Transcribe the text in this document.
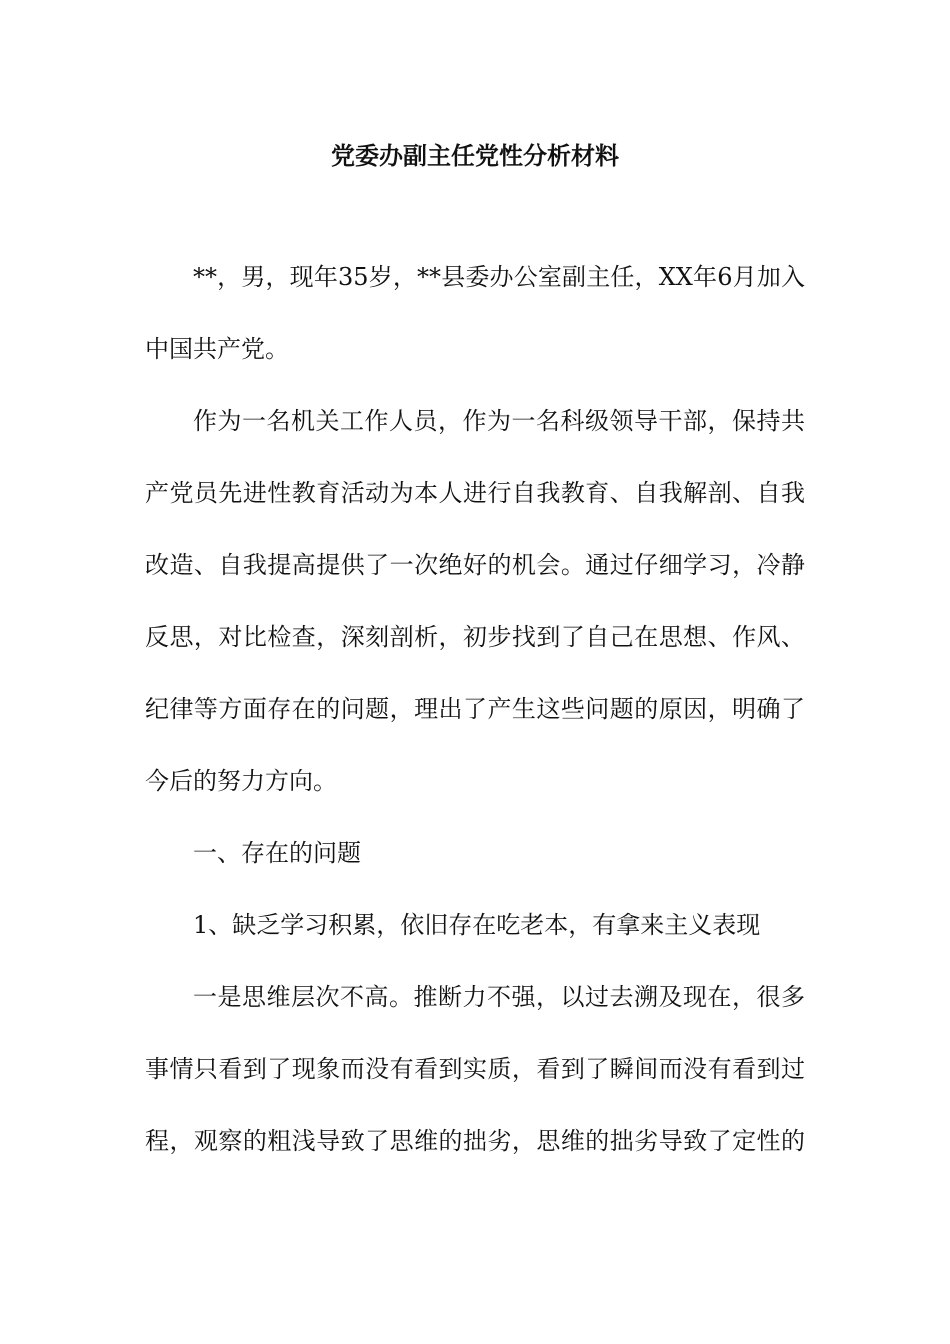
党委办副主任党性分析材料
**，男，现年35岁，**县委办公室副主任，XX年6月加入
中国共产党。
作为一名机关工作人员，作为一名科级领导干部，保持共
产党员先进性教育活动为本人进行自我教育、自我解剖、自我
改造、自我提高提供了一次绝好的机会。通过仔细学习，冷静
反思，对比检查，深刻剖析，初步找到了自己在思想、作风、
纪律等方面存在的问题，理出了产生这些问题的原因，明确了
今后的努力方向。
一、存在的问题
1、缺乏学习积累，依旧存在吃老本，有拿来主义表现
一是思维层次不高。推断力不强，以过去溯及现在，很多
事情只看到了现象而没有看到实质，看到了瞬间而没有看到过
程，观察的粗浅导致了思维的拙劣，思维的拙劣导致了定性的
